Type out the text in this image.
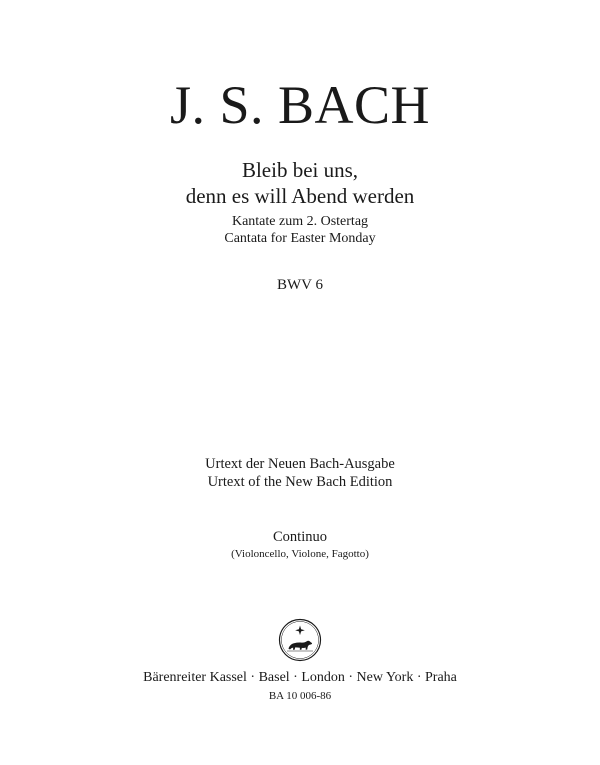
J. S. BACH
Bleib bei uns,
denn es will Abend werden
Kantate zum 2. Ostertag
Cantata for Easter Monday
BWV 6
Urtext der Neuen Bach-Ausgabe
Urtext of the New Bach Edition
Continuo
(Violoncello, Violone, Fagotto)
Bärenreiter Kassel · Basel · London · New York · Praha
BA 10 006-86
